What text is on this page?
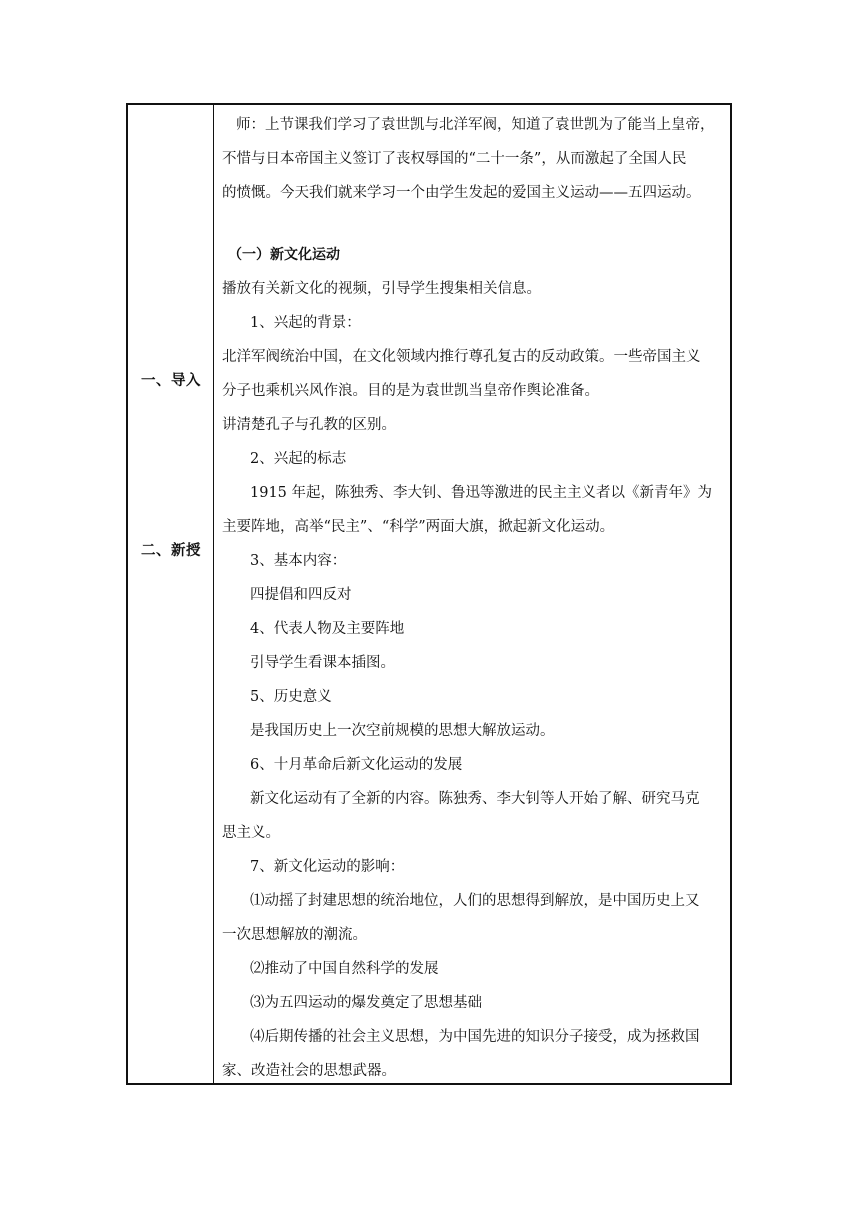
一、导入
二、新授
师：上节课我们学习了袁世凯与北洋军阀，知道了袁世凯为了能当上皇帝，
不惜与日本帝国主义签订了丧权辱国的“二十一条”，从而激起了全国人民
的愤慨。今天我们就来学习一个由学生发起的爱国主义运动——五四运动。
（一）新文化运动
播放有关新文化的视频，引导学生搜集相关信息。
1、兴起的背景：
北洋军阀统治中国，在文化领域内推行尊孔复古的反动政策。一些帝国主义
分子也乘机兴风作浪。目的是为袁世凯当皇帝作舆论准备。
讲清楚孔子与孔教的区别。
2、兴起的标志
1915 年起，陈独秀、李大钊、鲁迅等激进的民主主义者以《新青年》为
主要阵地，高举“民主”、“科学”两面大旗，掀起新文化运动。
3、基本内容：
四提倡和四反对
4、代表人物及主要阵地
引导学生看课本插图。
5、历史意义
是我国历史上一次空前规模的思想大解放运动。
6、十月革命后新文化运动的发展
新文化运动有了全新的内容。陈独秀、李大钊等人开始了解、研究马克
思主义。
7、新文化运动的影响：
⑴动摇了封建思想的统治地位，人们的思想得到解放，是中国历史上又
一次思想解放的潮流。
⑵推动了中国自然科学的发展
⑶为五四运动的爆发奠定了思想基础
⑷后期传播的社会主义思想，为中国先进的知识分子接受，成为拯救国
家、改造社会的思想武器。
